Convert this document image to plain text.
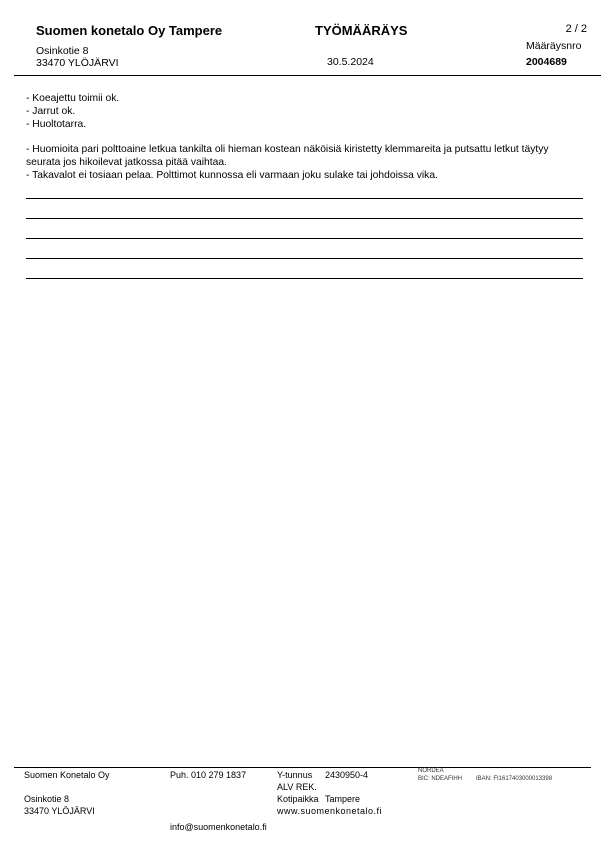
Suomen konetalo Oy Tampere	TYÖMÄÄRÄYS	2 / 2
Osinkotie 8
33470 YLÖJÄRVI	30.5.2024
Määräysnro
2004689
- Koeajettu toimii ok.
- Jarrut ok.
- Huoltotarra.

- Huomioita pari polttoaine letkua tankilta oli hieman kostean näköisiä kiristetty klemmareita ja putsattu letkut täytyy
seurata jos hikoilevat jatkossa pitää vaihtaa.
- Takavalot ei tosiaan pelaa. Polttimot kunnossa eli varmaan joku sulake tai johdoissa vika.
Suomen Konetalo Oy
Osinkotie 8
33470 YLÖJÄRVI
Puh. 010 279 1837
info@suomenkonetalo.fi
Y-tunnus 2430950-4
ALV REK.
Kotipaikka Tampere
www.suomenkonetalo.fi
NORDEA
BIC: NDEAFIHH IBAN: FI1617403000013398
